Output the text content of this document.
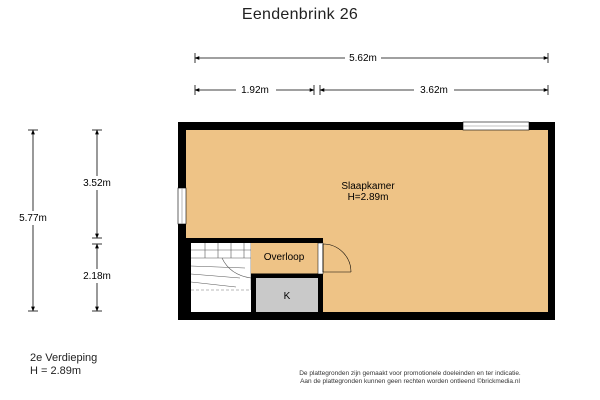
Eendenbrink 26
5.62m
1.92m	3.62m
5.77m
3.52m
2.18m
Slaapkamer
H=2.89m
Overloop
K
2e Verdieping
H = 2.89m	De plattegronden zijn gemaakt voor promotionele doeleinden en ter indicatie.
Aan de plattegronden kunnen geen rechten worden ontleend ©brickmedia.nl
